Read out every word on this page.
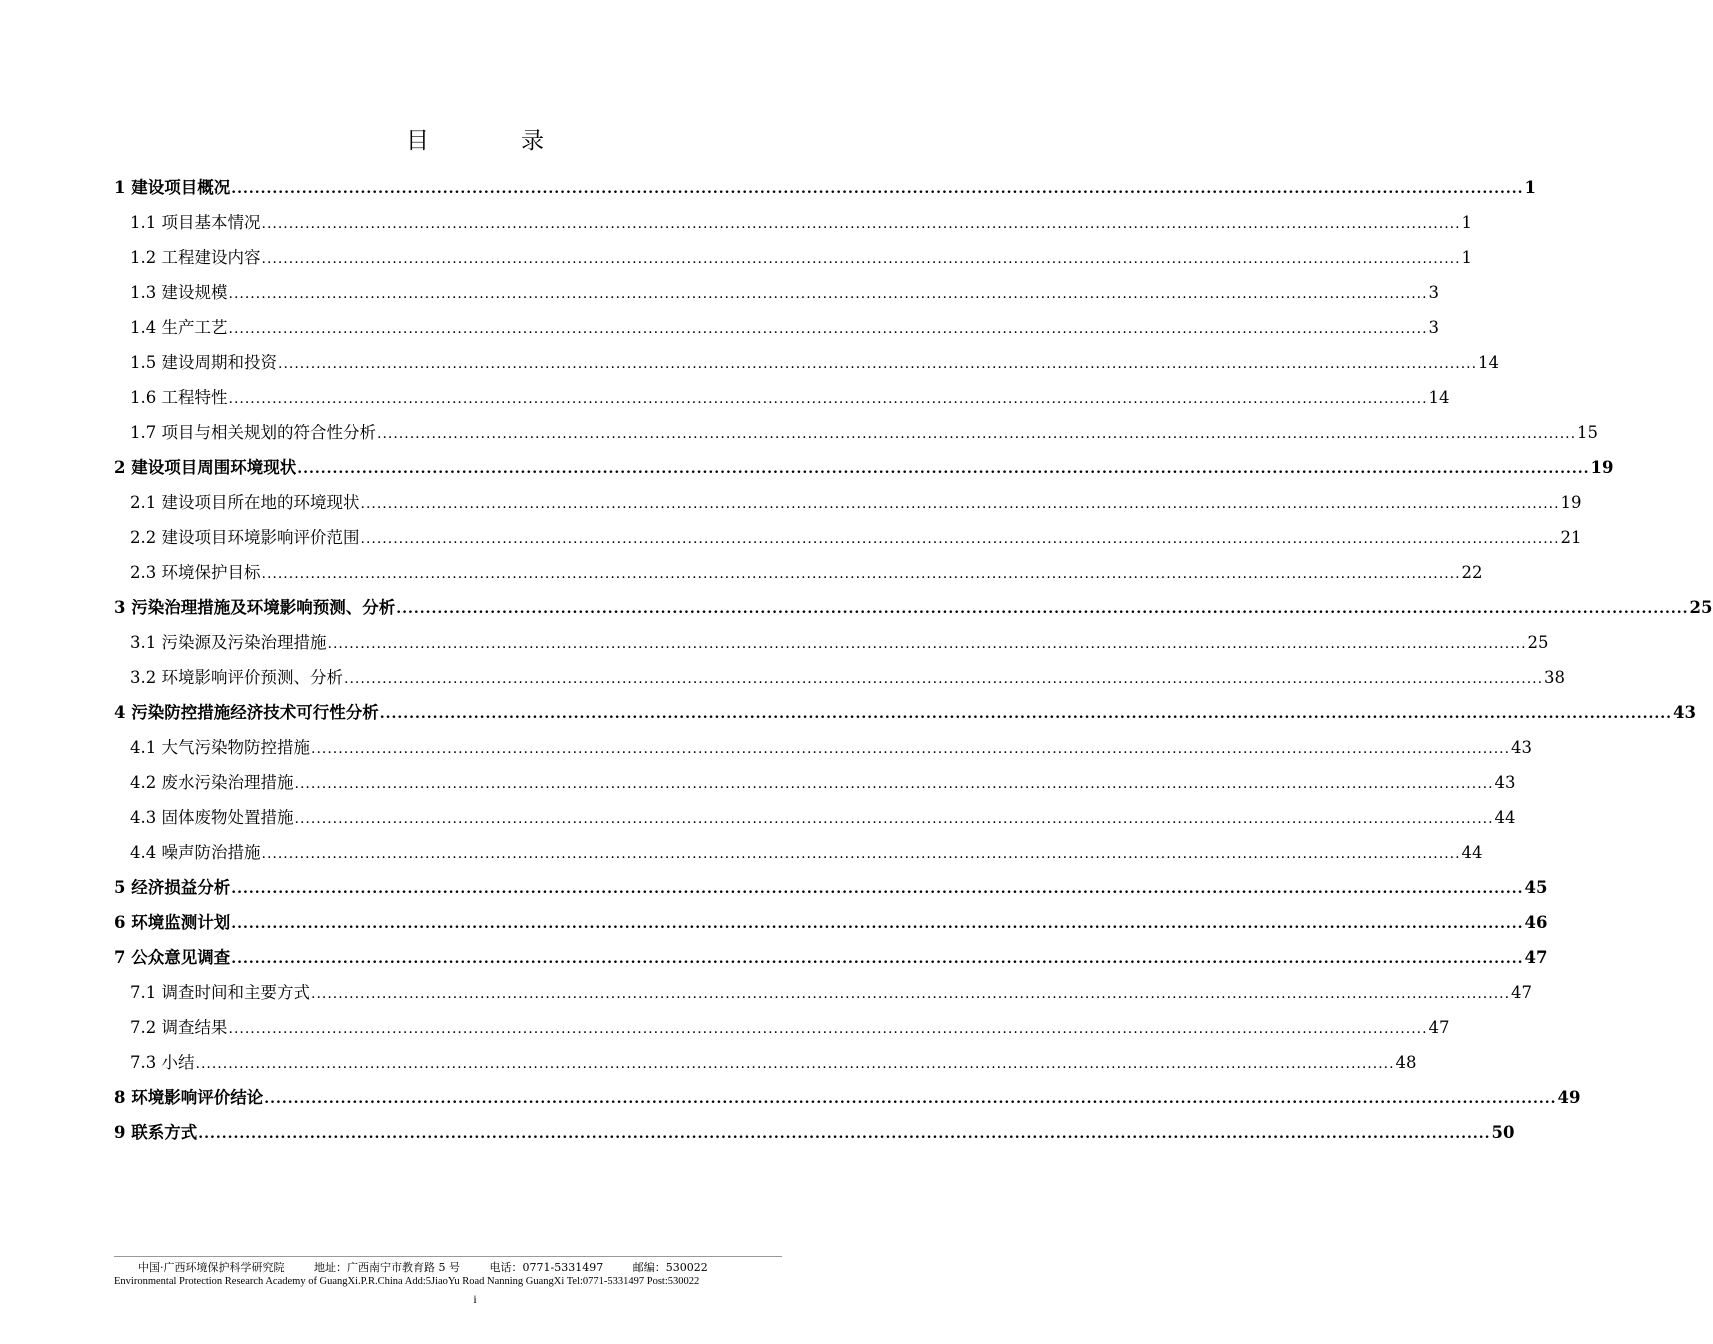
目	录
1 建设项目概况 ............................................................................................................................................................................................................................ 1
1.1 项目基本情况 ............................................................................................................................................................................................................................ 1
1.2 工程建设内容 ............................................................................................................................................................................................................................ 1
1.3 建设规模 ............................................................................................................................................................................................................................ 3
1.4 生产工艺 ............................................................................................................................................................................................................................ 3
1.5 建设周期和投资 ............................................................................................................................................................................................................................ 14
1.6 工程特性 ............................................................................................................................................................................................................................ 14
1.7 项目与相关规划的符合性分析 ............................................................................................................................................................................................................................ 15
2 建设项目周围环境现状 ............................................................................................................................................................................................................................ 19
2.1 建设项目所在地的环境现状 ............................................................................................................................................................................................................................ 19
2.2 建设项目环境影响评价范围 ............................................................................................................................................................................................................................ 21
2.3 环境保护目标 ............................................................................................................................................................................................................................ 22
3 污染治理措施及环境影响预测、分析 ............................................................................................................................................................................................................................ 25
3.1 污染源及污染治理措施 ............................................................................................................................................................................................................................ 25
3.2 环境影响评价预测、分析 ............................................................................................................................................................................................................................ 38
4 污染防控措施经济技术可行性分析 ............................................................................................................................................................................................................................ 43
4.1 大气污染物防控措施 ............................................................................................................................................................................................................................ 43
4.2 废水污染治理措施 ............................................................................................................................................................................................................................ 43
4.3 固体废物处置措施 ............................................................................................................................................................................................................................ 44
4.4 噪声防治措施 ............................................................................................................................................................................................................................ 44
5 经济损益分析 ............................................................................................................................................................................................................................ 45
6 环境监测计划 ............................................................................................................................................................................................................................ 46
7 公众意见调查 ............................................................................................................................................................................................................................ 47
7.1 调查时间和主要方式 ............................................................................................................................................................................................................................ 47
7.2 调查结果 ............................................................................................................................................................................................................................ 47
7.3 小结 ............................................................................................................................................................................................................................ 48
8 环境影响评价结论 ............................................................................................................................................................................................................................ 49
9 联系方式 ............................................................................................................................................................................................................................ 50
中国·广西环境保护科学研究院	地址：广西南宁市教育路 5 号	电话：0771-5331497	邮编：530022
Environmental Protection Research Academy of GuangXi.P.R.China Add:5JiaoYu Road Nanning GuangXi Tel:0771-5331497 Post:530022
i
